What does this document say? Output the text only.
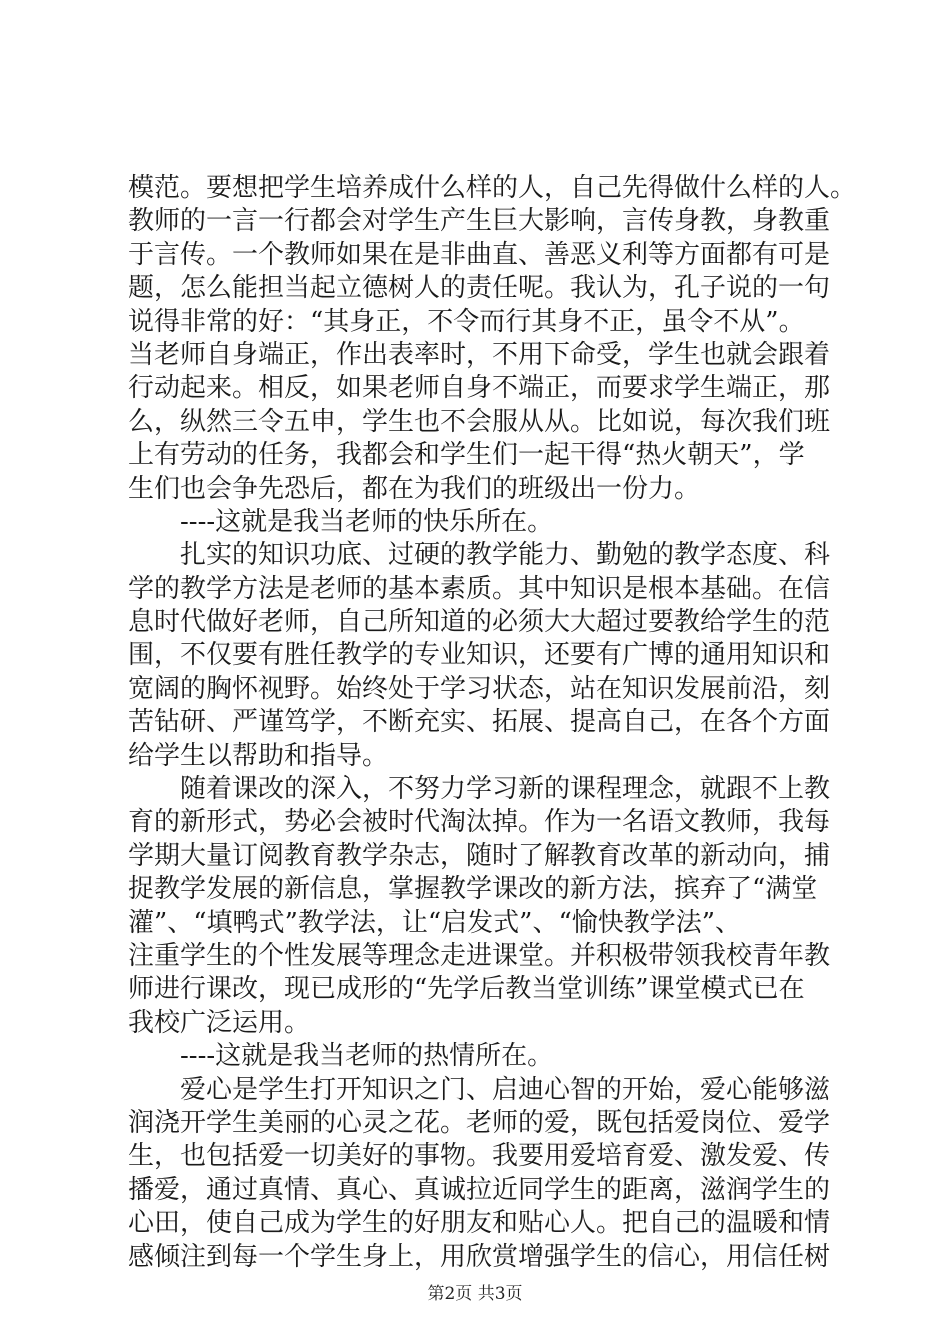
模范。要想把学生培养成什么样的人，自己先得做什么样的人。
教师的一言一行都会对学生产生巨大影响，言传身教，身教重
于言传。一个教师如果在是非曲直、善恶义利等方面都有可是
题，怎么能担当起立德树人的责任呢。我认为，孔子说的一句
说得非常的好：“其身正，不令而行其身不正，虽令不从”。
当老师自身端正，作出表率时，不用下命受，学生也就会跟着
行动起来。相反，如果老师自身不端正，而要求学生端正，那
么，纵然三令五申，学生也不会服从从。比如说，每次我们班
上有劳动的任务，我都会和学生们一起干得“热火朝天”，学
生们也会争先恐后，都在为我们的班级出一份力。
----这就是我当老师的快乐所在。
扎实的知识功底、过硬的教学能力、勤勉的教学态度、科
学的教学方法是老师的基本素质。其中知识是根本基础。在信
息时代做好老师，自己所知道的必须大大超过要教给学生的范
围，不仅要有胜任教学的专业知识，还要有广博的通用知识和
宽阔的胸怀视野。始终处于学习状态，站在知识发展前沿，刻
苦钻研、严谨笃学，不断充实、拓展、提高自己，在各个方面
给学生以帮助和指导。
随着课改的深入，不努力学习新的课程理念，就跟不上教
育的新形式，势必会被时代淘汰掉。作为一名语文教师，我每
学期大量订阅教育教学杂志，随时了解教育改革的新动向，捕
捉教学发展的新信息，掌握教学课改的新方法，摈弃了“满堂
灌”、“填鸭式”教学法，让“启发式”、“愉快教学法”、
注重学生的个性发展等理念走进课堂。并积极带领我校青年教
师进行课改，现已成形的“先学后教当堂训练”课堂模式已在
我校广泛运用。
----这就是我当老师的热情所在。
爱心是学生打开知识之门、启迪心智的开始，爱心能够滋
润浇开学生美丽的心灵之花。老师的爱，既包括爱岗位、爱学
生，也包括爱一切美好的事物。我要用爱培育爱、激发爱、传
播爱，通过真情、真心、真诚拉近同学生的距离，滋润学生的
心田，使自己成为学生的好朋友和贴心人。把自己的温暖和情
感倾注到每一个学生身上，用欣赏增强学生的信心，用信任树
第2页 共3页
